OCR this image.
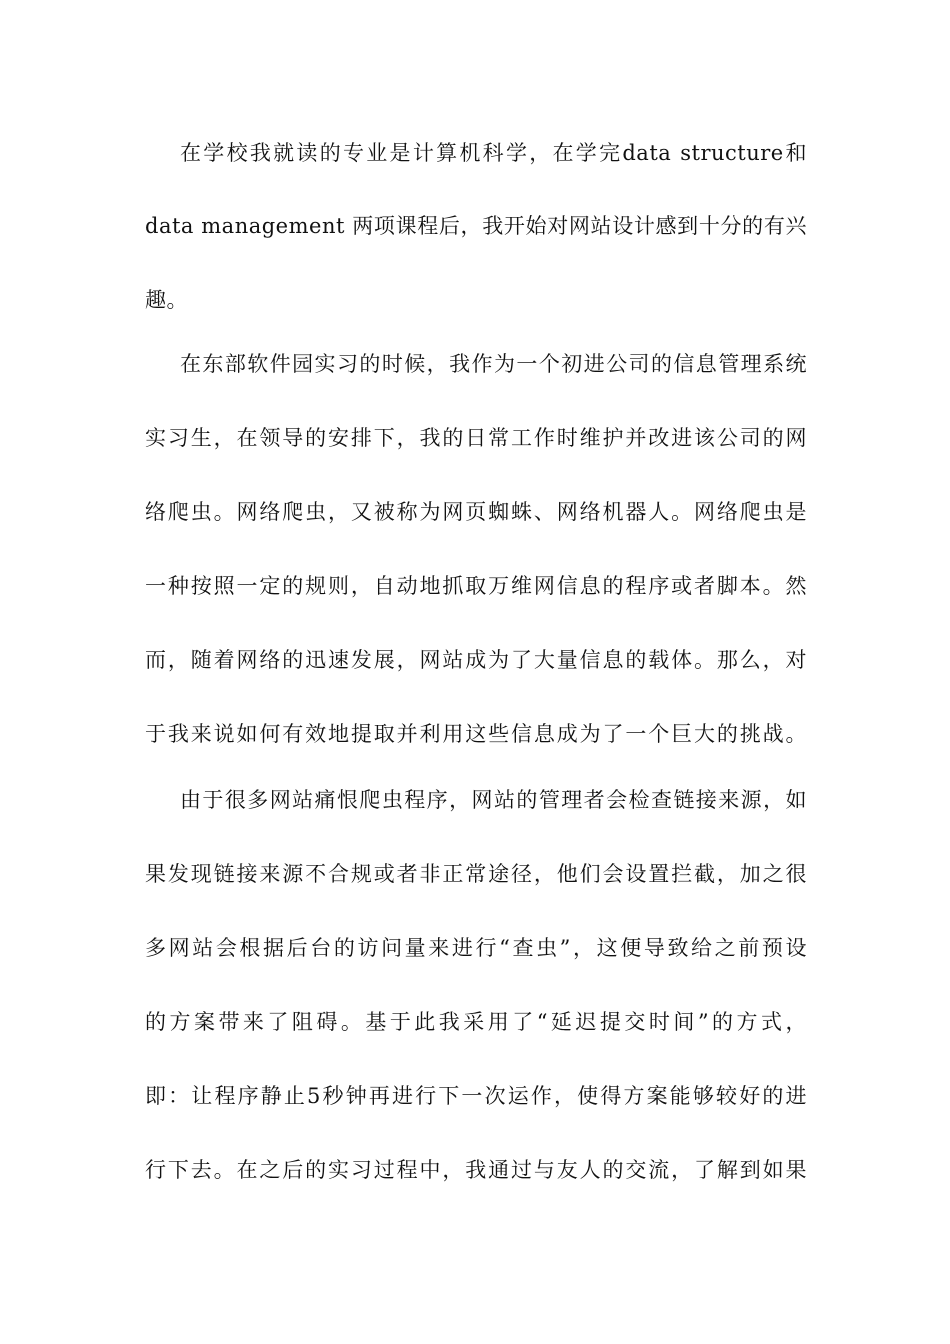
在学校我就读的专业是计算机科学，在学完data structure和
data management 两项课程后，我开始对网站设计感到十分的有兴
趣。
在东部软件园实习的时候，我作为一个初进公司的信息管理系统
实习生，在领导的安排下，我的日常工作时维护并改进该公司的网
络爬虫。网络爬虫，又被称为网页蜘蛛、网络机器人。网络爬虫是
一种按照一定的规则，自动地抓取万维网信息的程序或者脚本。然
而，随着网络的迅速发展，网站成为了大量信息的载体。那么，对
于我来说如何有效地提取并利用这些信息成为了一个巨大的挑战。
由于很多网站痛恨爬虫程序，网站的管理者会检查链接来源，如
果发现链接来源不合规或者非正常途径，他们会设置拦截，加之很
多网站会根据后台的访问量来进行“查虫”，这便导致给之前预设
的方案带来了阻碍。基于此我采用了“延迟提交时间”的方式，
即：让程序静止5秒钟再进行下一次运作，使得方案能够较好的进
行下去。在之后的实习过程中，我通过与友人的交流，了解到如果
